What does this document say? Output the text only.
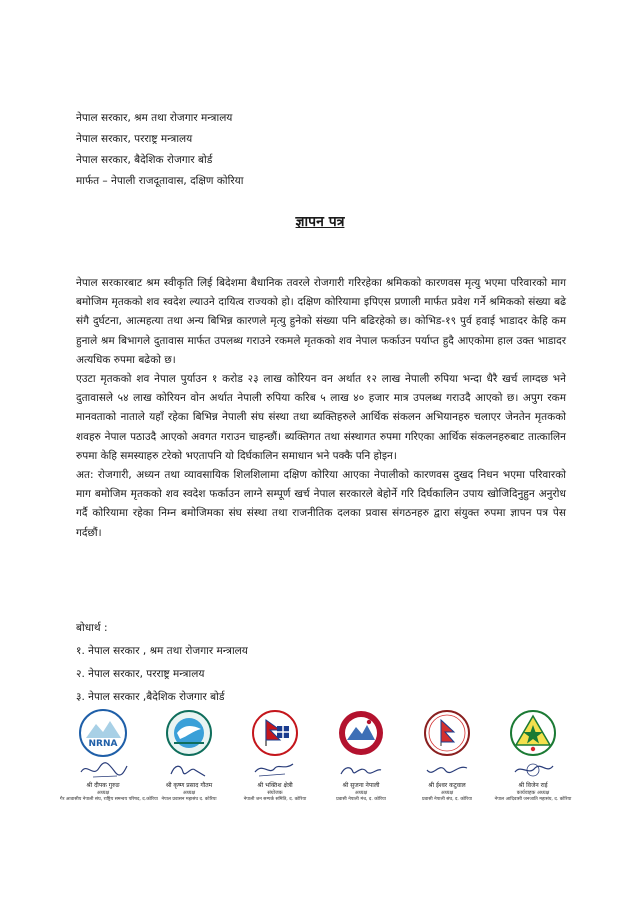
नेपाल सरकार, श्रम तथा रोजगार मन्त्रालय
नेपाल सरकार, परराष्ट्र मन्त्रालय
नेपाल सरकार, बैदेशिक रोजगार बोर्ड
मार्फत – नेपाली राजदूतावास, दक्षिण कोरिया
ज्ञापन पत्र

नेपाल सरकारबाट श्रम स्वीकृति लिई बिदेशमा बैधानिक तवरले रोजगारी गरिरहेका श्रमिकको कारणवस मृत्यु भएमा परिवारको माग बमोजिम मृतकको शव स्वदेश ल्याउने दायित्व राज्यको हो। दक्षिण कोरियामा इपिएस प्रणाली मार्फत प्रवेश गर्ने श्रमिकको संख्या बढे संगै दुर्घटना, आत्महत्या तथा अन्य बिभिन्न कारणले मृत्यु हुनेको संख्या पनि बढिरहेको छ। कोभिड-१९ पुर्व हवाई भाडादर केहि कम हुनाले श्रम बिभागले दुतावास मार्फत उपलब्ध गराउने रकमले मृतकको शव नेपाल फर्काउन पर्याप्त हुदै आएकोमा हाल उक्त भाडादर अत्यधिक रुपमा बढेको छ।

एउटा मृतकको शव नेपाल पुर्याउन १ करोड २३ लाख कोरियन वन अर्थात १२ लाख नेपाली रुपिया भन्दा धैरै खर्च लाग्दछ भने दुतावासले ५४ लाख कोरियन वोन अर्थात नेपाली रुपिया करिब ५ लाख ४० हजार मात्र उपलब्ध गराउदै आएको छ। अपुग रकम मानवताको नाताले यहाँ रहेका बिभिन्न नेपाली संघ संस्था तथा ब्यक्तिहरुले आर्थिक संकलन अभियानहरु चलाएर जेनतेन मृतकको शवहरु नेपाल पठाउदै आएको अवगत गराउन चाहन्छौं। ब्यक्तिगत तथा संस्थागत रुपमा गरिएका आर्थिक संकलनहरुबाट तात्कालिन रुपमा केहि समस्याहरु टरेको भएतापनि यो दिर्घकालिन समाधान भने पक्कै पनि होइन।

अत: रोजगारी, अध्यन तथा व्यावसायिक शिलशिलामा दक्षिण कोरिया आएका नेपालीको कारणवस दुखद निधन भएमा परिवारको माग बमोजिम मृतकको शव स्वदेश फर्काउन लाग्ने सम्पूर्ण खर्च नेपाल सरकारले बेहोर्ने गरि दिर्घकालिन उपाय खोजिदिनुहुन अनुरोध गर्दै कोरियामा रहेका निम्न बमोजिमका संघ संस्था तथा राजनीतिक दलका प्रवास संगठनहरु द्वारा संयुक्त रुपमा ज्ञापन पत्र पेस गर्दछौं।

बोधार्थ :
१. नेपाल सरकार , श्रम तथा रोजगार मन्त्रालय
२. नेपाल सरकार, परराष्ट्र मन्त्रालय
३. नेपाल सरकार ,बैदेशिक रोजगार बोर्ड
NRNA
श्री दीपक गुरुङ
अध्यक्ष
गैर आवासीय नेपाली संघ, राष्ट्रिय समन्वय परिषद, द.कोरिया
श्री कृष्ण प्रसाद गौतम
अध्यक्ष
नेपाल प्रवासन महासंघ द. कोरिया
श्री भक्तिश क्षेत्री
संयोजक
नेपाली जन सम्पर्क समिति, द. कोरिया
श्री सुजना नेपाली
अध्यक्ष
प्रवासी नेपाली मंच, द. कोरिया
श्री ईश्वर कटुवाल
अध्यक्ष
प्रवासी नेपाली संघ, द. कोरिया
श्री विजेन राई
कार्यवाहक अध्यक्ष
नेपाल आदिवासी जनजाति महासंघ, द. कोरिया
